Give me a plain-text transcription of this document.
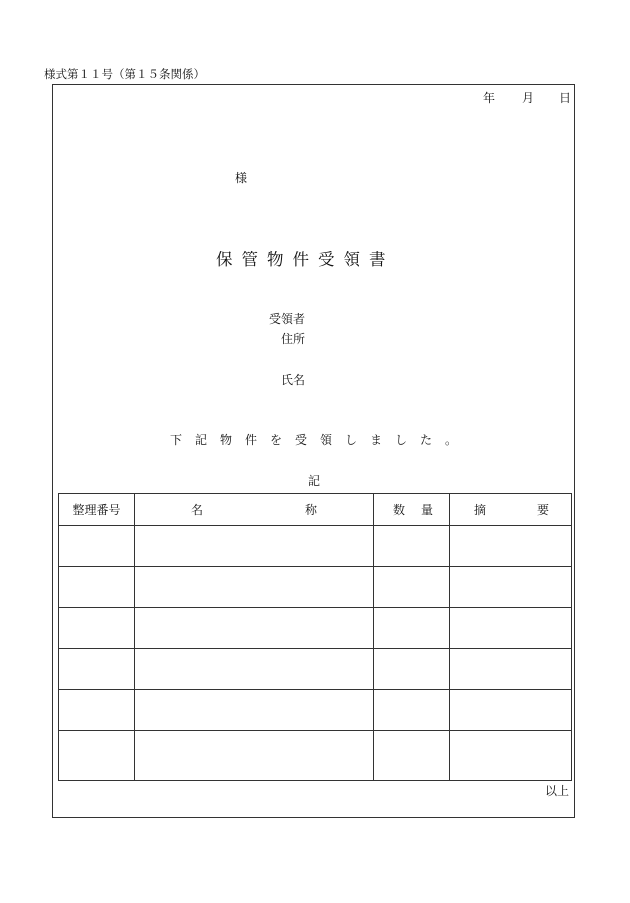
様式第１１号（第１５条関係）
年 月 日
様
保管物件受領書
受領者
住所
氏名
下記物件を受領しました。
記
整理番号	名 称	数 量	摘 要

以上
